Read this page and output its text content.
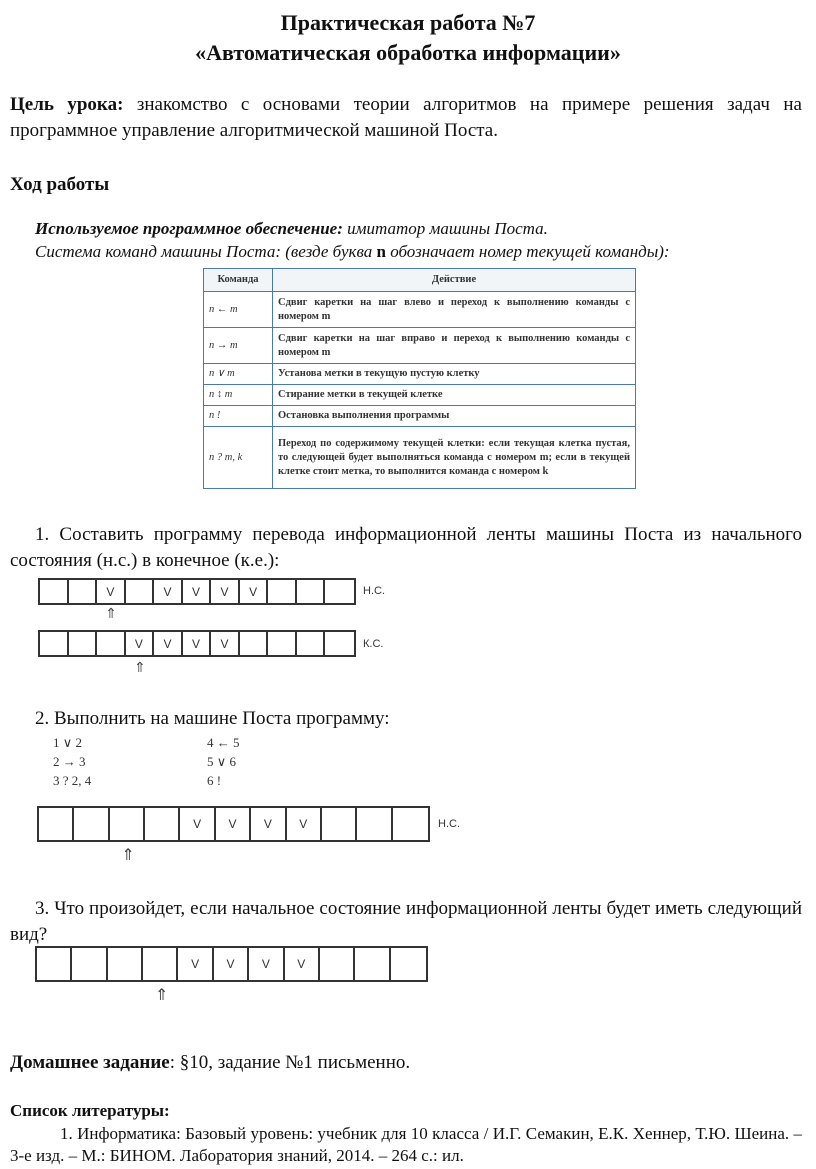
Практическая работа №7
«Автоматическая обработка информации»
Цель урока: знакомство с основами теории алгоритмов на примере решения задач на программное управление алгоритмической машиной Поста.
Ход работы
Используемое программное обеспечение: имитатор машины Поста.
Система команд машины Поста: (везде буква n обозначает номер текущей команды):
Команда	Действие
n ← m	Сдвиг каретки на шаг влево и переход к выполнению команды с номером m
n → m	Сдвиг каретки на шаг вправо и переход к выполнению команды с номером m
n ∨ m	Установа метки в текущую пустую клетку
n ↕ m	Стирание метки в текущей клетке
n !	Остановка выполнения программы
n ? m, k	Переход по содержимому текущей клетки: если текущая клетка пустая, то следующей будет выполняться команда с номером m; если в текущей клетке стоит метка, то выполнится команда с номером k
1. Составить программу перевода информационной ленты машины Поста из начального состояния (н.с.) в конечное (к.е.):
V	V	V	V	V	Н.С.
⇑
V	V	V	V	К.С.
⇑
2. Выполнить на машине Поста программу:
1 ∨ 2
2 → 3
3 ? 2, 4
4 ← 5
5 ∨ 6
6 !
V	V	V	V	Н.С.
⇑
3. Что произойдет, если начальное состояние информационной ленты будет иметь следующий вид?
V	V	V	V
⇑
Домашнее задание: §10, задание №1 письменно.
Список литературы:
1. Информатика: Базовый уровень: учебник для 10 класса / И.Г. Семакин, Е.К. Хеннер, Т.Ю. Шеина. – 3-е изд. – М.: БИНОМ. Лаборатория знаний, 2014. – 264 с.: ил.
